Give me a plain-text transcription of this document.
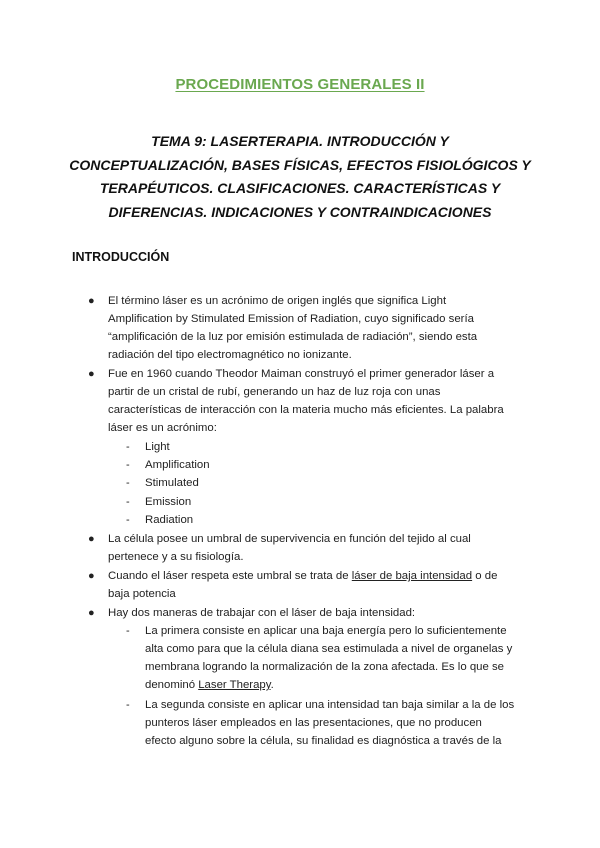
PROCEDIMIENTOS GENERALES II
TEMA 9: LASERTERAPIA. INTRODUCCIÓN Y
CONCEPTUALIZACIÓN, BASES FÍSICAS, EFECTOS FISIOLÓGICOS Y
TERAPÉUTICOS. CLASIFICACIONES. CARACTERÍSTICAS Y
DIFERENCIAS. INDICACIONES Y CONTRAINDICACIONES
INTRODUCCIÓN
● El término láser es un acrónimo de origen inglés que significa Light
Amplification by Stimulated Emission of Radiation, cuyo significado sería
“amplificación de la luz por emisión estimulada de radiación”, siendo esta
radiación del tipo electromagnético no ionizante.
● Fue en 1960 cuando Theodor Maiman construyó el primer generador láser a
partir de un cristal de rubí, generando un haz de luz roja con unas
características de interacción con la materia mucho más eficientes. La palabra
láser es un acrónimo:
- Light
- Amplification
- Stimulated
- Emission
- Radiation
● La célula posee un umbral de supervivencia en función del tejido al cual
pertenece y a su fisiología.
● Cuando el láser respeta este umbral se trata de láser de baja intensidad o de
baja potencia
● Hay dos maneras de trabajar con el láser de baja intensidad:
- La primera consiste en aplicar una baja energía pero lo suficientemente
alta como para que la célula diana sea estimulada a nivel de organelas y
membrana logrando la normalización de la zona afectada. Es lo que se
denominó Laser Therapy.
- La segunda consiste en aplicar una intensidad tan baja similar a la de los
punteros láser empleados en las presentaciones, que no producen
efecto alguno sobre la célula, su finalidad es diagnóstica a través de la
